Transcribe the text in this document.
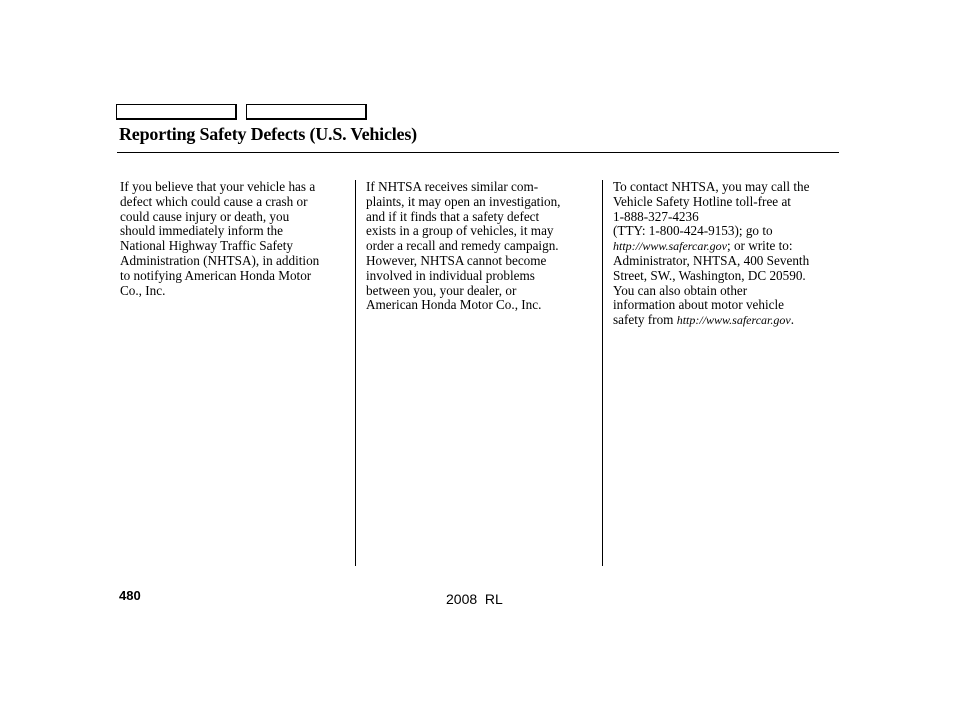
Reporting Safety Defects (U.S. Vehicles)
If you believe that your vehicle has a
defect which could cause a crash or
could cause injury or death, you
should immediately inform the
National Highway Traffic Safety
Administration (NHTSA), in addition
to notifying American Honda Motor
Co., Inc.
If NHTSA receives similar com-
plaints, it may open an investigation,
and if it finds that a safety defect
exists in a group of vehicles, it may
order a recall and remedy campaign.
However, NHTSA cannot become
involved in individual problems
between you, your dealer, or
American Honda Motor Co., Inc.
To contact NHTSA, you may call the
Vehicle Safety Hotline toll-free at
1-888-327-4236
(TTY: 1-800-424-9153); go to
http://www.safercar.gov; or write to:
Administrator, NHTSA, 400 Seventh
Street, SW., Washington, DC 20590.
You can also obtain other
information about motor vehicle
safety from http://www.safercar.gov.
480	2008  RL
